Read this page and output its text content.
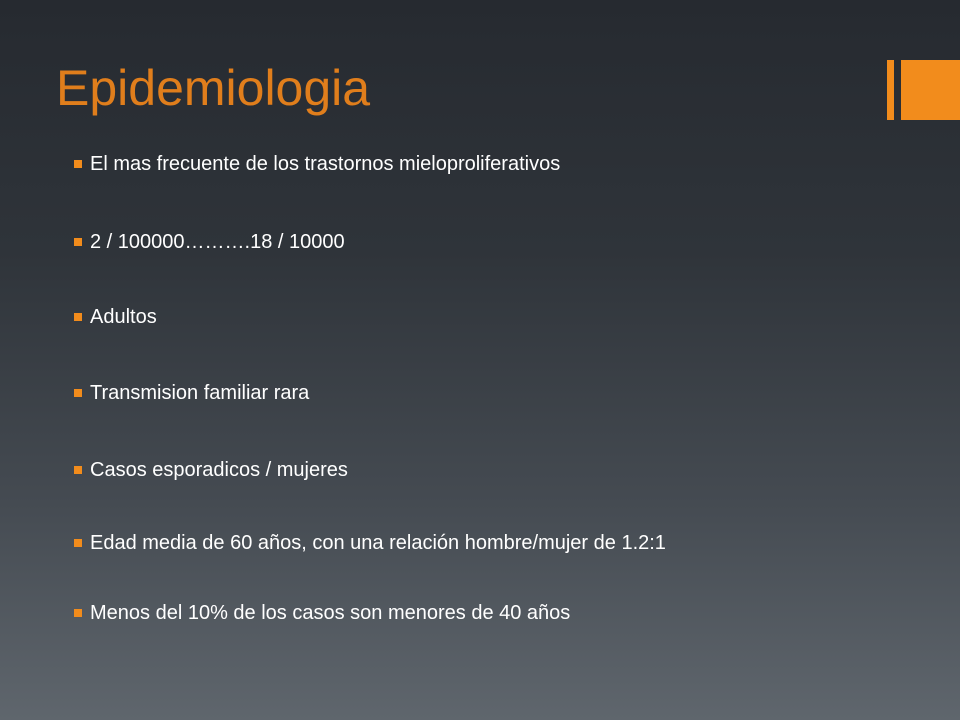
Epidemiologia
El mas frecuente de los trastornos mieloproliferativos
2 / 100000……….18 / 10000
Adultos
Transmision familiar rara
Casos esporadicos / mujeres
Edad media de 60 años, con una relación hombre/mujer de 1.2:1
Menos del 10% de los casos son menores de 40 años
